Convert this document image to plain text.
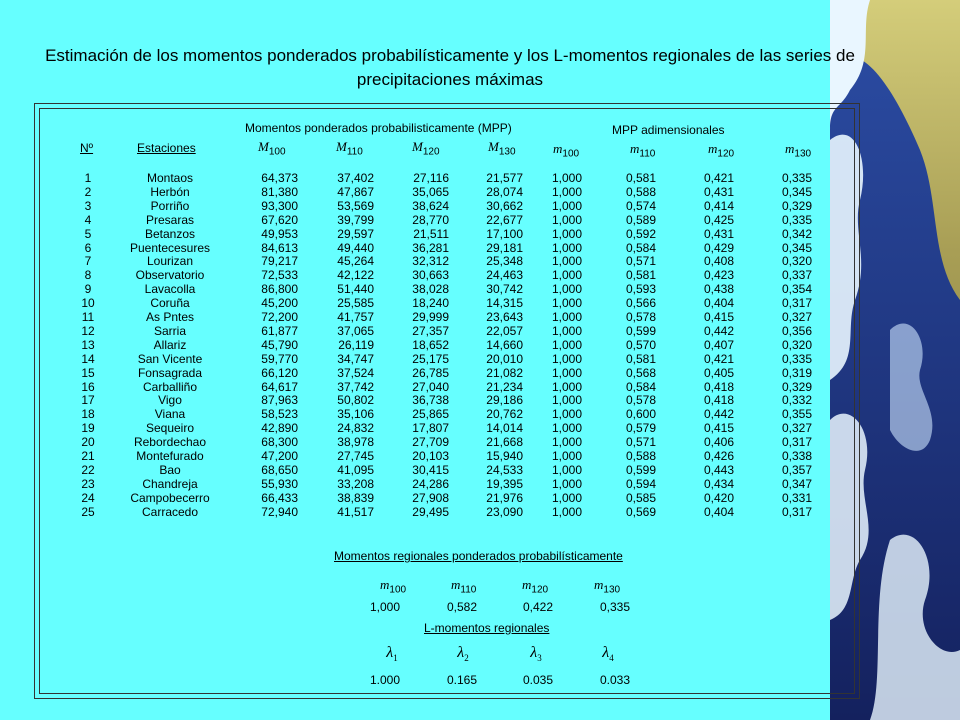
Estimación de los momentos ponderados probabilísticamente y los L-momentos regionales de las series de precipitaciones máximas
Momentos ponderados probabilisticamente (MPP)	MPP adimensionales
Nº	Estaciones	$M_{100}$	$M_{110}$	$M_{120}$	$M_{130}$	$m_{100}$	$m_{110}$	$m_{120}$	$m_{130}$
1	Montaos	64,373	37,402	27,116	21,577	1,000	0,581	0,421	0,335
2	Herbón	81,380	47,867	35,065	28,074	1,000	0,588	0,431	0,345
3	Porriño	93,300	53,569	38,624	30,662	1,000	0,574	0,414	0,329
4	Presaras	67,620	39,799	28,770	22,677	1,000	0,589	0,425	0,335
5	Betanzos	49,953	29,597	21,511	17,100	1,000	0,592	0,431	0,342
6	Puentecesures	84,613	49,440	36,281	29,181	1,000	0,584	0,429	0,345
7	Lourizan	79,217	45,264	32,312	25,348	1,000	0,571	0,408	0,320
8	Observatorio	72,533	42,122	30,663	24,463	1,000	0,581	0,423	0,337
9	Lavacolla	86,800	51,440	38,028	30,742	1,000	0,593	0,438	0,354
10	Coruña	45,200	25,585	18,240	14,315	1,000	0,566	0,404	0,317
11	As Pntes	72,200	41,757	29,999	23,643	1,000	0,578	0,415	0,327
12	Sarria	61,877	37,065	27,357	22,057	1,000	0,599	0,442	0,356
13	Allariz	45,790	26,119	18,652	14,660	1,000	0,570	0,407	0,320
14	San Vicente	59,770	34,747	25,175	20,010	1,000	0,581	0,421	0,335
15	Fonsagrada	66,120	37,524	26,785	21,082	1,000	0,568	0,405	0,319
16	Carballiño	64,617	37,742	27,040	21,234	1,000	0,584	0,418	0,329
17	Vigo	87,963	50,802	36,738	29,186	1,000	0,578	0,418	0,332
18	Viana	58,523	35,106	25,865	20,762	1,000	0,600	0,442	0,355
19	Sequeiro	42,890	24,832	17,807	14,014	1,000	0,579	0,415	0,327
20	Rebordechao	68,300	38,978	27,709	21,668	1,000	0,571	0,406	0,317
21	Montefurado	47,200	27,745	20,103	15,940	1,000	0,588	0,426	0,338
22	Bao	68,650	41,095	30,415	24,533	1,000	0,599	0,443	0,357
23	Chandreja	55,930	33,208	24,286	19,395	1,000	0,594	0,434	0,347
24	Campobecerro	66,433	38,839	27,908	21,976	1,000	0,585	0,420	0,331
25	Carracedo	72,940	41,517	29,495	23,090	1,000	0,569	0,404	0,317
Momentos regionales ponderados probabilísticamente
$m_{100}$	$m_{110}$	$m_{120}$	$m_{130}$
1,000	0,582	0,422	0,335
L-momentos regionales
$\lambda_1$	$\lambda_2$	$\lambda_3$	$\lambda_4$
1.000	0.165	0.035	0.033
